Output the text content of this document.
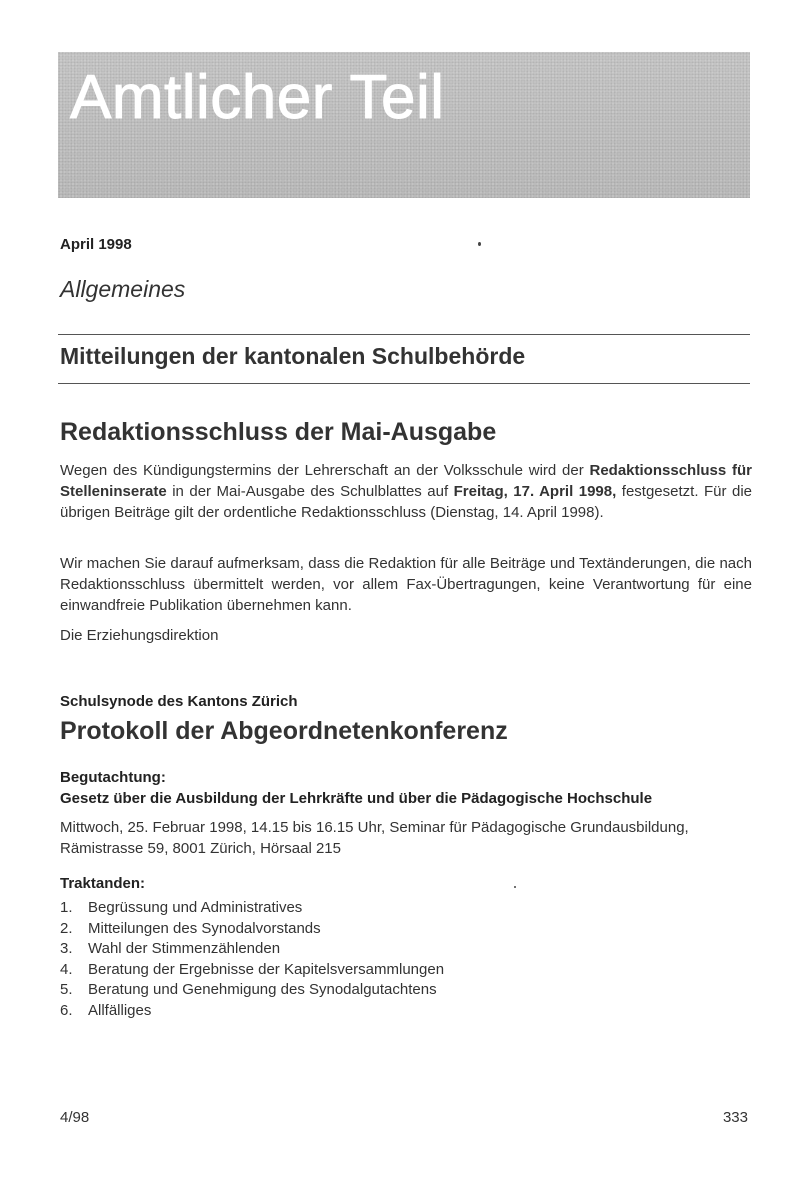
Amtlicher Teil

April 1998

Allgemeines
Mitteilungen der kantonalen Schulbehörde
Redaktionsschluss der Mai-Ausgabe

Wegen des Kündigungstermins der Lehrerschaft an der Volksschule wird der Redaktionsschluss für Stelleninserate in der Mai-Ausgabe des Schulblattes auf Freitag, 17. April 1998, festgesetzt. Für die übrigen Beiträge gilt der ordentliche Redaktionsschluss (Dienstag, 14. April 1998).

Wir machen Sie darauf aufmerksam, dass die Redaktion für alle Beiträge und Textänderungen, die nach Redaktionsschluss übermittelt werden, vor allem Fax-Übertragungen, keine Verantwortung für eine einwandfreie Publikation übernehmen kann.

Die Erziehungsdirektion

Schulsynode des Kantons Zürich

Protokoll der Abgeordnetenkonferenz

Begutachtung:

Gesetz über die Ausbildung der Lehrkräfte und über die Pädagogische Hochschule

Mittwoch, 25. Februar 1998, 14.15 bis 16.15 Uhr, Seminar für Pädagogische Grundausbildung, Rämistrasse 59, 8001 Zürich, Hörsaal 215

Traktanden:

1. Begrüssung und Administratives
2. Mitteilungen des Synodalvorstands
3. Wahl der Stimmenzählenden
4. Beratung der Ergebnisse der Kapitelsversammlungen
5. Beratung und Genehmigung des Synodalgutachtens
6. Allfälliges

4/98	333
